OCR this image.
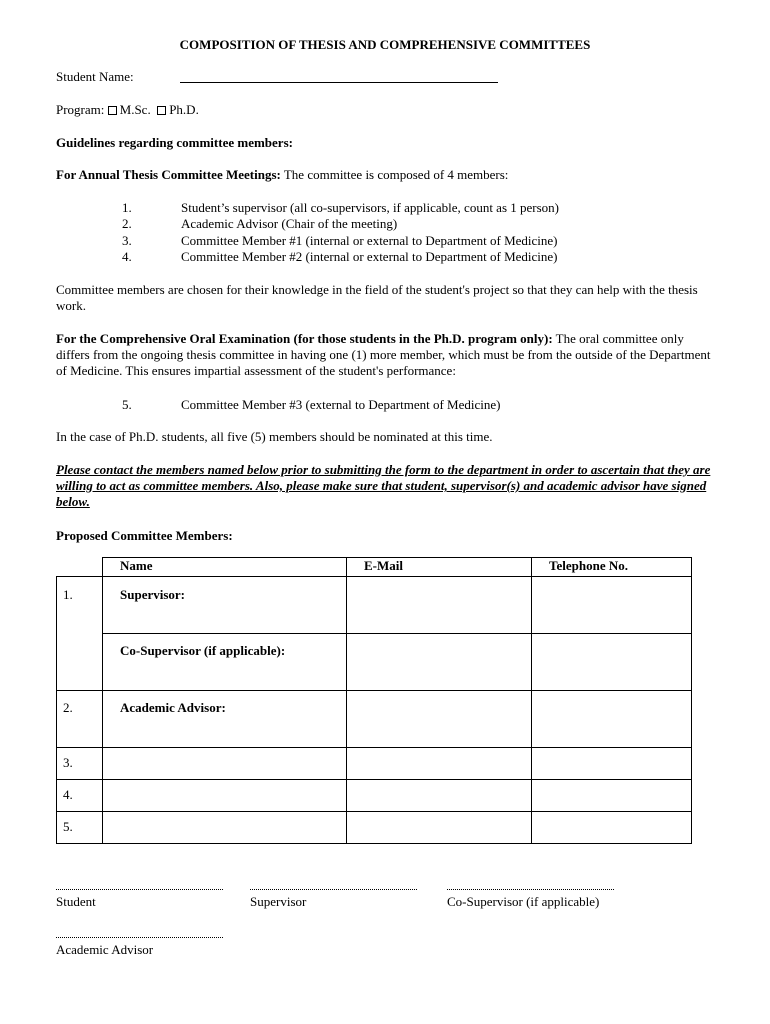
COMPOSITION OF THESIS AND COMPREHENSIVE COMMITTEES
Student Name:
Program: M.Sc. Ph.D.
Guidelines regarding committee members:
For Annual Thesis Committee Meetings: The committee is composed of 4 members:
1.	Student’s supervisor (all co-supervisors, if applicable, count as 1 person)
2.	Academic Advisor (Chair of the meeting)
3.	Committee Member #1 (internal or external to Department of Medicine)
4.	Committee Member #2 (internal or external to Department of Medicine)
Committee members are chosen for their knowledge in the field of the student's project so that they can help with the thesis work.
For the Comprehensive Oral Examination (for those students in the Ph.D. program only): The oral committee only differs from the ongoing thesis committee in having one (1) more member, which must be from the outside of the Department of Medicine. This ensures impartial assessment of the student's performance:
5.	Committee Member #3 (external to Department of Medicine)
In the case of Ph.D. students, all five (5) members should be nominated at this time.
Please contact the members named below prior to submitting the form to the department in order to ascertain that they are willing to act as committee members. Also, please make sure that student, supervisor(s) and academic advisor have signed below.
Proposed Committee Members:
	Name	E-Mail	Telephone No.
1.	Supervisor:		
	Co-Supervisor (if applicable):		
2.	Academic Advisor:		
3.			
4.			
5.			
Student	Supervisor	Co-Supervisor (if applicable)
Academic Advisor
